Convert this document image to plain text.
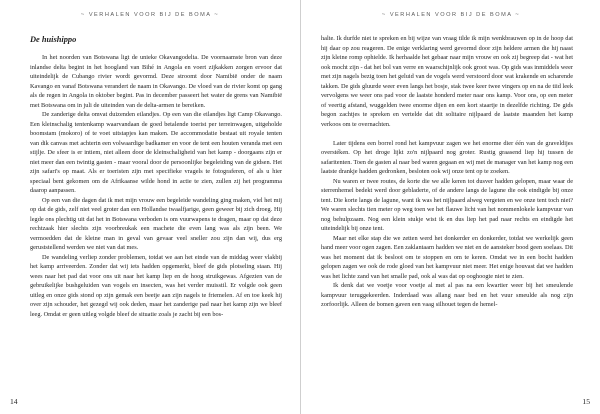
~ VERHALEN VOOR BIJ DE BOMA ~
De huishippo

In het noorden van Botswana ligt de unieke Okavangodelta. De voornaamste bron van deze inlandse delta begint in het hoogland van Bihé in Angola en voert zijkakken zorgen ervoor dat uiteindelijk de Cubango rivier wordt gevormd. Deze stroomt door Namibië onder de naam Kavango en vanaf Botswana verandert de naam in Okavango. De vloed van de rivier komt op gang als de regen in Angola in oktober begint. Pas in december passeert het water de grens van Namibië met Botswana om in juli de uiteinden van de delta-armen te bereiken.

De zanderige delta omvat duizenden eilandjes. Op een van die eilandjes ligt Camp Okavango. Een kleinschalig tentenkamp waarvandaan de goed betalende toerist per terreinwagen, uitgeholde boomstam (mokoro) of te voet uitstapjes kan maken. De accommodatie bestaat uit royale tenten van dik canvas met achterin een volwaardige badkamer en voor de tent een houten veranda met een stijlje. De sfeer is er intiem, niet alleen door de kleinschaligheid van het kamp - doorgaans zijn er niet meer dan een twintig gasten - maar vooral door de persoonlijke begeleiding van de gidsen. Het zijn safari's op maat. Als er toeristen zijn met specifieke vragels te fotograferen, of als u hier speciaal bent gekomen om de Afrikaanse wilde hond in actie te zien, zullen zij het programma daarop aanpassen.

Op een van die dagen dat ik met mijn vrouw een begeleide wandeling ging maken, viel het mij op dat de gids, zelf niet veel groter dan een Hollandse twaalfjarige, geen geweer bij zich droeg. Hij legde ons plechtig uit dat het in Botswana verboden is om vuurwapens te dragen, maar op dat deze rechtzaak hier slechts zijn voorbreukak een machete die even lang was als zijn been. We vermoedden dat de kleine man in geval van gevaar veel sneller zou zijn dan wij, dus erg geruststellend werden we niet van dat mes.

De wandeling verliep zonder problemen, totdat we aan het einde van de middag weer vlakbij het kamp arriveerden. Zonder dat wij iets hadden opgemerkt, bleef de gids plotseling staan. Hij wees naar het pad dat voor ons uit naar het kamp liep en de hoog struikgewas. Afgezien van de gebruikelijke bushgeluiden van vogels en insecten, was het verder muisstil. Er volgde ook geen uitleg en onze gids stond op zijn gemak een beetje aan zijn nagels te friemelen. Af en toe keek hij over zijn schouder, het gezegd wij ook deden, maar het zanderige pad naar het kamp zijn we bleef leeg. Omdat er geen uitleg volgde bleef de situatie zoals je zacht bij een bos-

14
~ VERHALEN VOOR BIJ DE BOMA ~

halte. Ik durfde niet te spreken en bij wijze van vraag tilde ik mijn wenkbrauwen op in de hoop dat hij daar op zou reageren. De enige verklaring werd gevormd door zijn heldere armen die hij naast zijn kleine romp ophielde. Ik herhaalde het gebaar naar mijn vrouw en ook zij begreep dat - wat het ook mocht zijn - dat het bol van verre en waarschijnlijk ook groot was. Op gids was inmiddels weer met zijn nagels bezig toen het geluid van de vogels werd verstoord door wat krakende en scharende takken. De gids gluurde weer even langs het bosje, stak twee keer twee vingers op en na de tiid leek vervolgens we weer ons pad voor de laatste honderd meter naar ons kamp. Voor ons, op een meter of veertig afstand, wuggelden twee enorme dijen en een kort staartje in dezelfde richting. De gids begon zachtjes te spreken en vertelde dat dit solitaire nijlpaard de laatste maanden het kamp verkoos om te overnachten.

Later tijdens een borrel rond het kampvuur zagen we het enorme dier één van de graveldijes overstéken. Op het droge lijkt zo'n nijlpaard nog groter. Rustig graasend liep hij tussen de safaritenten. Toen de gasten al naar bed waren gegaan en wij met de manager van het kamp nog een laatste drankje hadden gedronken, besloten ook wij onze tent op te zoeken.

Nu waren er twee routes, de korte die we alle keren tot dusver hadden gelopen, maar waar de sterrenhemel bedekt werd door gebladerte, of de andere langs de lagune die ook eindigde bij onze tent. Die korte langs de lagune, want ik was het nijlpaard alweg vergeten en we onze tent toch niet? We waren slechts tien meter op weg toen we het flauwe licht van het nommenlokele kampvuur van nog behulpzaam. Nog een klein stukje wist ik en dus liep het pad naar rechts en eindigde het uiteindelijk bij onze tent.

Maar net elke stap die we zetten werd het donkerder en donkerder, totdat we werkelijk geen hand meer voor ogen zagen. Een zaklantaarn hadden we niet en de aansteker bood geen soelaas. Dit was het moment dat ik besloot om te stoppen en om te keren. Omdat we in een bocht hadden gelopen zagen we ook de rode gloed van het kampvuur niet meer. Het enige houvast dat we hadden was het lichte zand van het smalle pad, ook al was dat op ooghoogte niet te zien.

Ik denk dat we voetje voor voetje al met al pas na een kwartier weer bij het smeulende kampvuur teruggekeerden. Inderdaad was allang naar bed en het vuur smeulde als nog zijn zorfoorlijk. Alleen de bomen gaven een vaag silhouet tegen de hemel-

15
